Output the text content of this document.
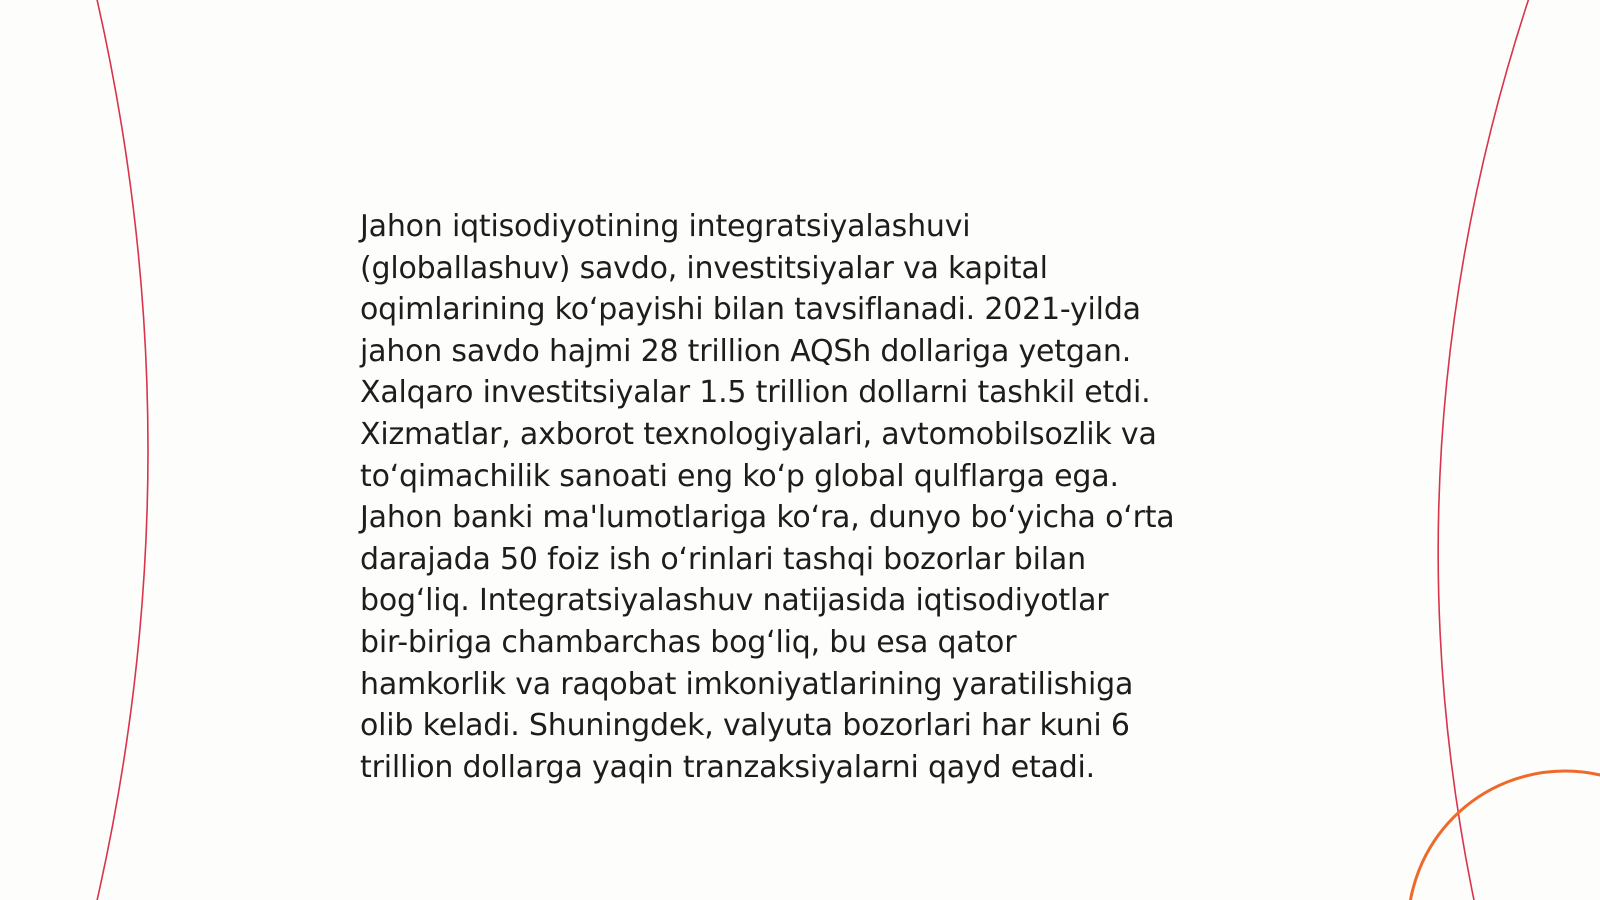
Jahon iqtisodiyotining integratsiyalashuvi
(globallashuv) savdo, investitsiyalar va kapital
oqimlarining koʻpayishi bilan tavsiflanadi. 2021-yilda
jahon savdo hajmi 28 trillion AQSh dollariga yetgan.
Xalqaro investitsiyalar 1.5 trillion dollarni tashkil etdi.
Xizmatlar, axborot texnologiyalari, avtomobilsozlik va
toʻqimachilik sanoati eng koʻp global qulflarga ega.
Jahon banki ma'lumotlariga koʻra, dunyo boʻyicha oʻrta
darajada 50 foiz ish oʻrinlari tashqi bozorlar bilan
bogʻliq. Integratsiyalashuv natijasida iqtisodiyotlar
bir-biriga chambarchas bogʻliq, bu esa qator
hamkorlik va raqobat imkoniyatlarining yaratilishiga
olib keladi. Shuningdek, valyuta bozorlari har kuni 6
trillion dollarga yaqin tranzaksiyalarni qayd etadi.
